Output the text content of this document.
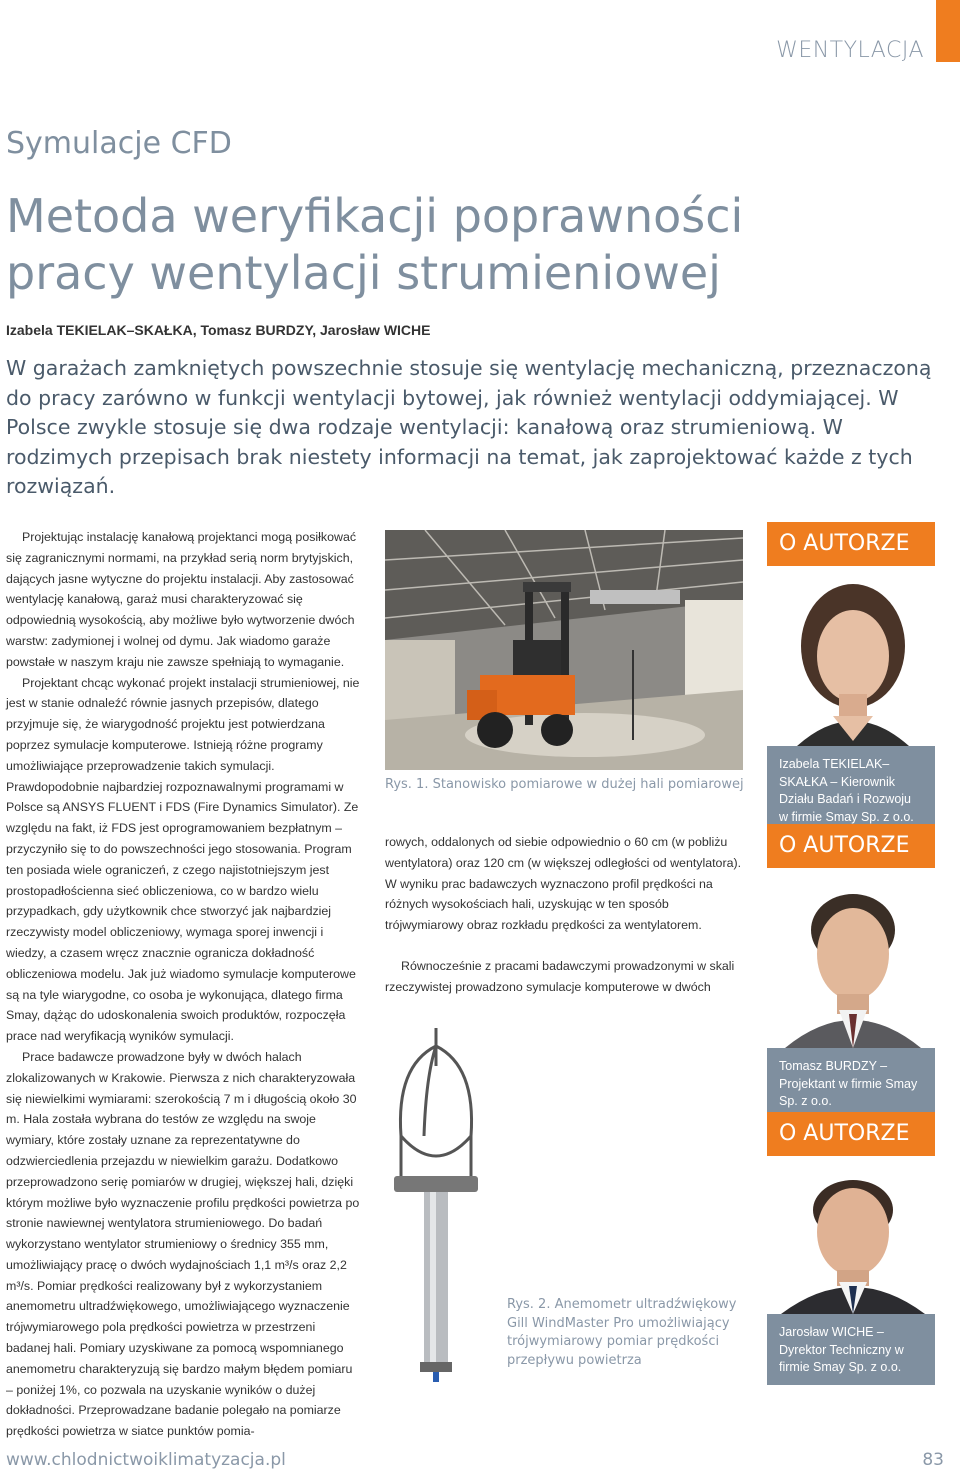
WENTYLACJA
Symulacje CFD
Metoda weryfikacji poprawności pracy wentylacji strumieniowej
Izabela TEKIELAK–SKAŁKA, Tomasz BURDZY, Jarosław WICHE

W garażach zamkniętych powszechnie stosuje się wentylację mechaniczną, przeznaczoną do pracy zarówno w funkcji wentylacji bytowej, jak również wentylacji oddymiającej. W Polsce zwykle stosuje się dwa rodzaje wentylacji: kanałową oraz strumieniową. W rodzimych przepisach brak niestety informacji na temat, jak zaprojektować każde z tych rozwiązań.

Projektując instalację kanałową projektanci mogą posiłkować się zagranicznymi normami, na przykład serią norm brytyjskich, dających jasne wytyczne do projektu instalacji. Aby zastosować wentylację kanałową, garaż musi charakteryzować się odpowiednią wysokością, aby możliwe było wytworzenie dwóch warstw: zadymionej i wolnej od dymu. Jak wiadomo garaże powstałe w naszym kraju nie zawsze spełniają to wymaganie.

Projektant chcąc wykonać projekt instalacji strumieniowej, nie jest w stanie odnaleźć równie jasnych przepisów, dlatego przyjmuje się, że wiarygodność projektu jest potwierdzana poprzez symulacje komputerowe. Istnieją różne programy umożliwiające przeprowadzenie takich symulacji. Prawdopodobnie najbardziej rozpoznawalnymi programami w Polsce są ANSYS FLUENT i FDS (Fire Dynamics Simulator). Ze względu na fakt, iż FDS jest oprogramowaniem bezpłatnym – przyczyniło się to do powszechności jego stosowania. Program ten posiada wiele ograniczeń, z czego najistotniejszym jest prostopadłościenna sieć obliczeniowa, co w bardzo wielu przypadkach, gdy użytkownik chce stworzyć jak najbardziej rzeczywisty model obliczeniowy, wymaga sporej inwencji i wiedzy, a czasem wręcz znacznie ogranicza dokładność obliczeniowa modelu. Jak już wiadomo symulacje komputerowe są na tyle wiarygodne, co osoba je wykonująca, dlatego firma Smay, dążąc do udoskonalenia swoich produktów, rozpoczęła prace nad weryfikacją wyników symulacji.

Prace badawcze prowadzone były w dwóch halach zlokalizowanych w Krakowie. Pierwsza z nich charakteryzowała się niewielkimi wymiarami: szerokością 7 m i długością około 30 m. Hala została wybrana do testów ze względu na swoje wymiary, które zostały uznane za reprezentatywne do odzwierciedlenia przejazdu w niewielkim garażu. Dodatkowo przeprowadzono serię pomiarów w drugiej, większej hali, dzięki którym możliwe było wyznaczenie profilu prędkości powietrza po stronie nawiewnej wentylatora strumieniowego. Do badań wykorzystano wentylator strumieniowy o średnicy 355 mm, umożliwiający pracę o dwóch wydajnościach 1,1 m³/s oraz 2,2 m³/s. Pomiar prędkości realizowany był z wykorzystaniem anemometru ultradźwiękowego, umożliwiającego wyznaczenie trójwymiarowego pola prędkości powietrza w przestrzeni badanej hali. Pomiary uzyskiwane za pomocą wspomnianego anemometru charakteryzują się bardzo małym błędem pomiaru – poniżej 1%, co pozwala na uzyskanie wyników o dużej dokładności. Przeprowadzane badanie polegało na pomiarze prędkości powietrza w siatce punktów pomia-

Rys. 1. Stanowisko pomiarowe w dużej hali pomiarowej

rowych, oddalonych od siebie odpowiednio o 60 cm (w pobliżu wentylatora) oraz 120 cm (w większej odległości od wentylatora). W wyniku prac badawczych wyznaczono profil prędkości na różnych wysokościach hali, uzyskując w ten sposób trójwymiarowy obraz rozkładu prędkości za wentylatorem.

Równocześnie z pracami badawczymi prowadzonymi w skali rzeczywistej prowadzono symulacje komputerowe w dwóch

Rys. 2. Anemometr ultradźwiękowy Gill WindMaster Pro umożliwiający trójwymiarowy pomiar prędkości przepływu powietrza
O AUTORZE
Izabela TEKIELAK– SKAŁKA – Kierownik Działu Badań i Rozwoju w firmie Smay Sp. z o.o.
O AUTORZE
Tomasz BURDZY – Projektant w firmie Smay Sp. z o.o.
O AUTORZE
Jarosław WICHE – Dyrektor Techniczny w firmie Smay Sp. z o.o.
www.chlodnictwoiklimatyzacja.pl	83
